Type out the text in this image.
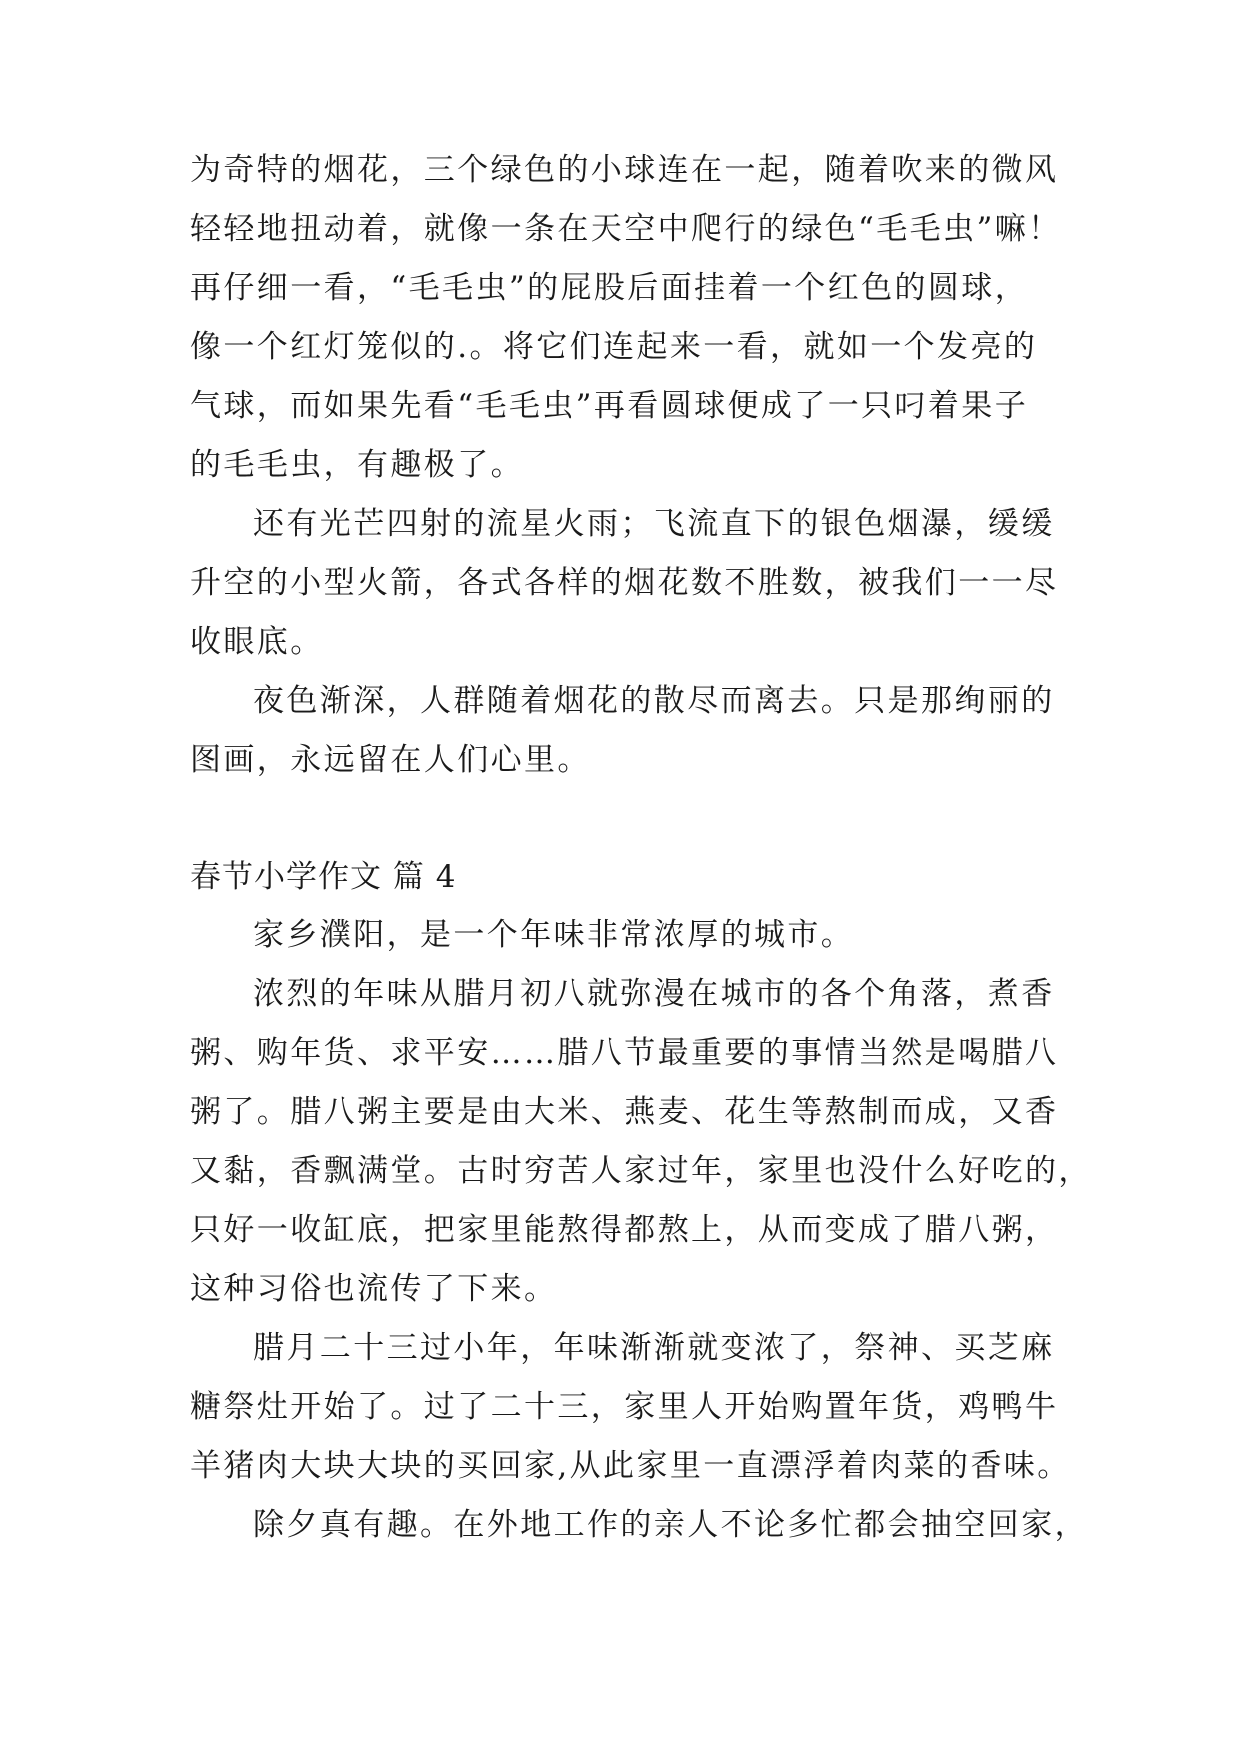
为奇特的烟花，三个绿色的小球连在一起，随着吹来的微风
轻轻地扭动着，就像一条在天空中爬行的绿色“毛毛虫”嘛！
再仔细一看，“毛毛虫”的屁股后面挂着一个红色的圆球，
像一个红灯笼似的.。将它们连起来一看，就如一个发亮的
气球，而如果先看“毛毛虫”再看圆球便成了一只叼着果子
的毛毛虫，有趣极了。
还有光芒四射的流星火雨；飞流直下的银色烟瀑，缓缓
升空的小型火箭，各式各样的烟花数不胜数，被我们一一尽
收眼底。
夜色渐深，人群随着烟花的散尽而离去。只是那绚丽的
图画，永远留在人们心里。
春节小学作文 篇 4
家乡濮阳，是一个年味非常浓厚的城市。
浓烈的年味从腊月初八就弥漫在城市的各个角落，煮香
粥、购年货、求平安……腊八节最重要的事情当然是喝腊八
粥了。腊八粥主要是由大米、燕麦、花生等熬制而成，又香
又黏，香飘满堂。古时穷苦人家过年，家里也没什么好吃的，
只好一收缸底，把家里能熬得都熬上，从而变成了腊八粥，
这种习俗也流传了下来。
腊月二十三过小年，年味渐渐就变浓了，祭神、买芝麻
糖祭灶开始了。过了二十三，家里人开始购置年货，鸡鸭牛
羊猪肉大块大块的买回家,从此家里一直漂浮着肉菜的香味。
除夕真有趣。在外地工作的亲人不论多忙都会抽空回家，
